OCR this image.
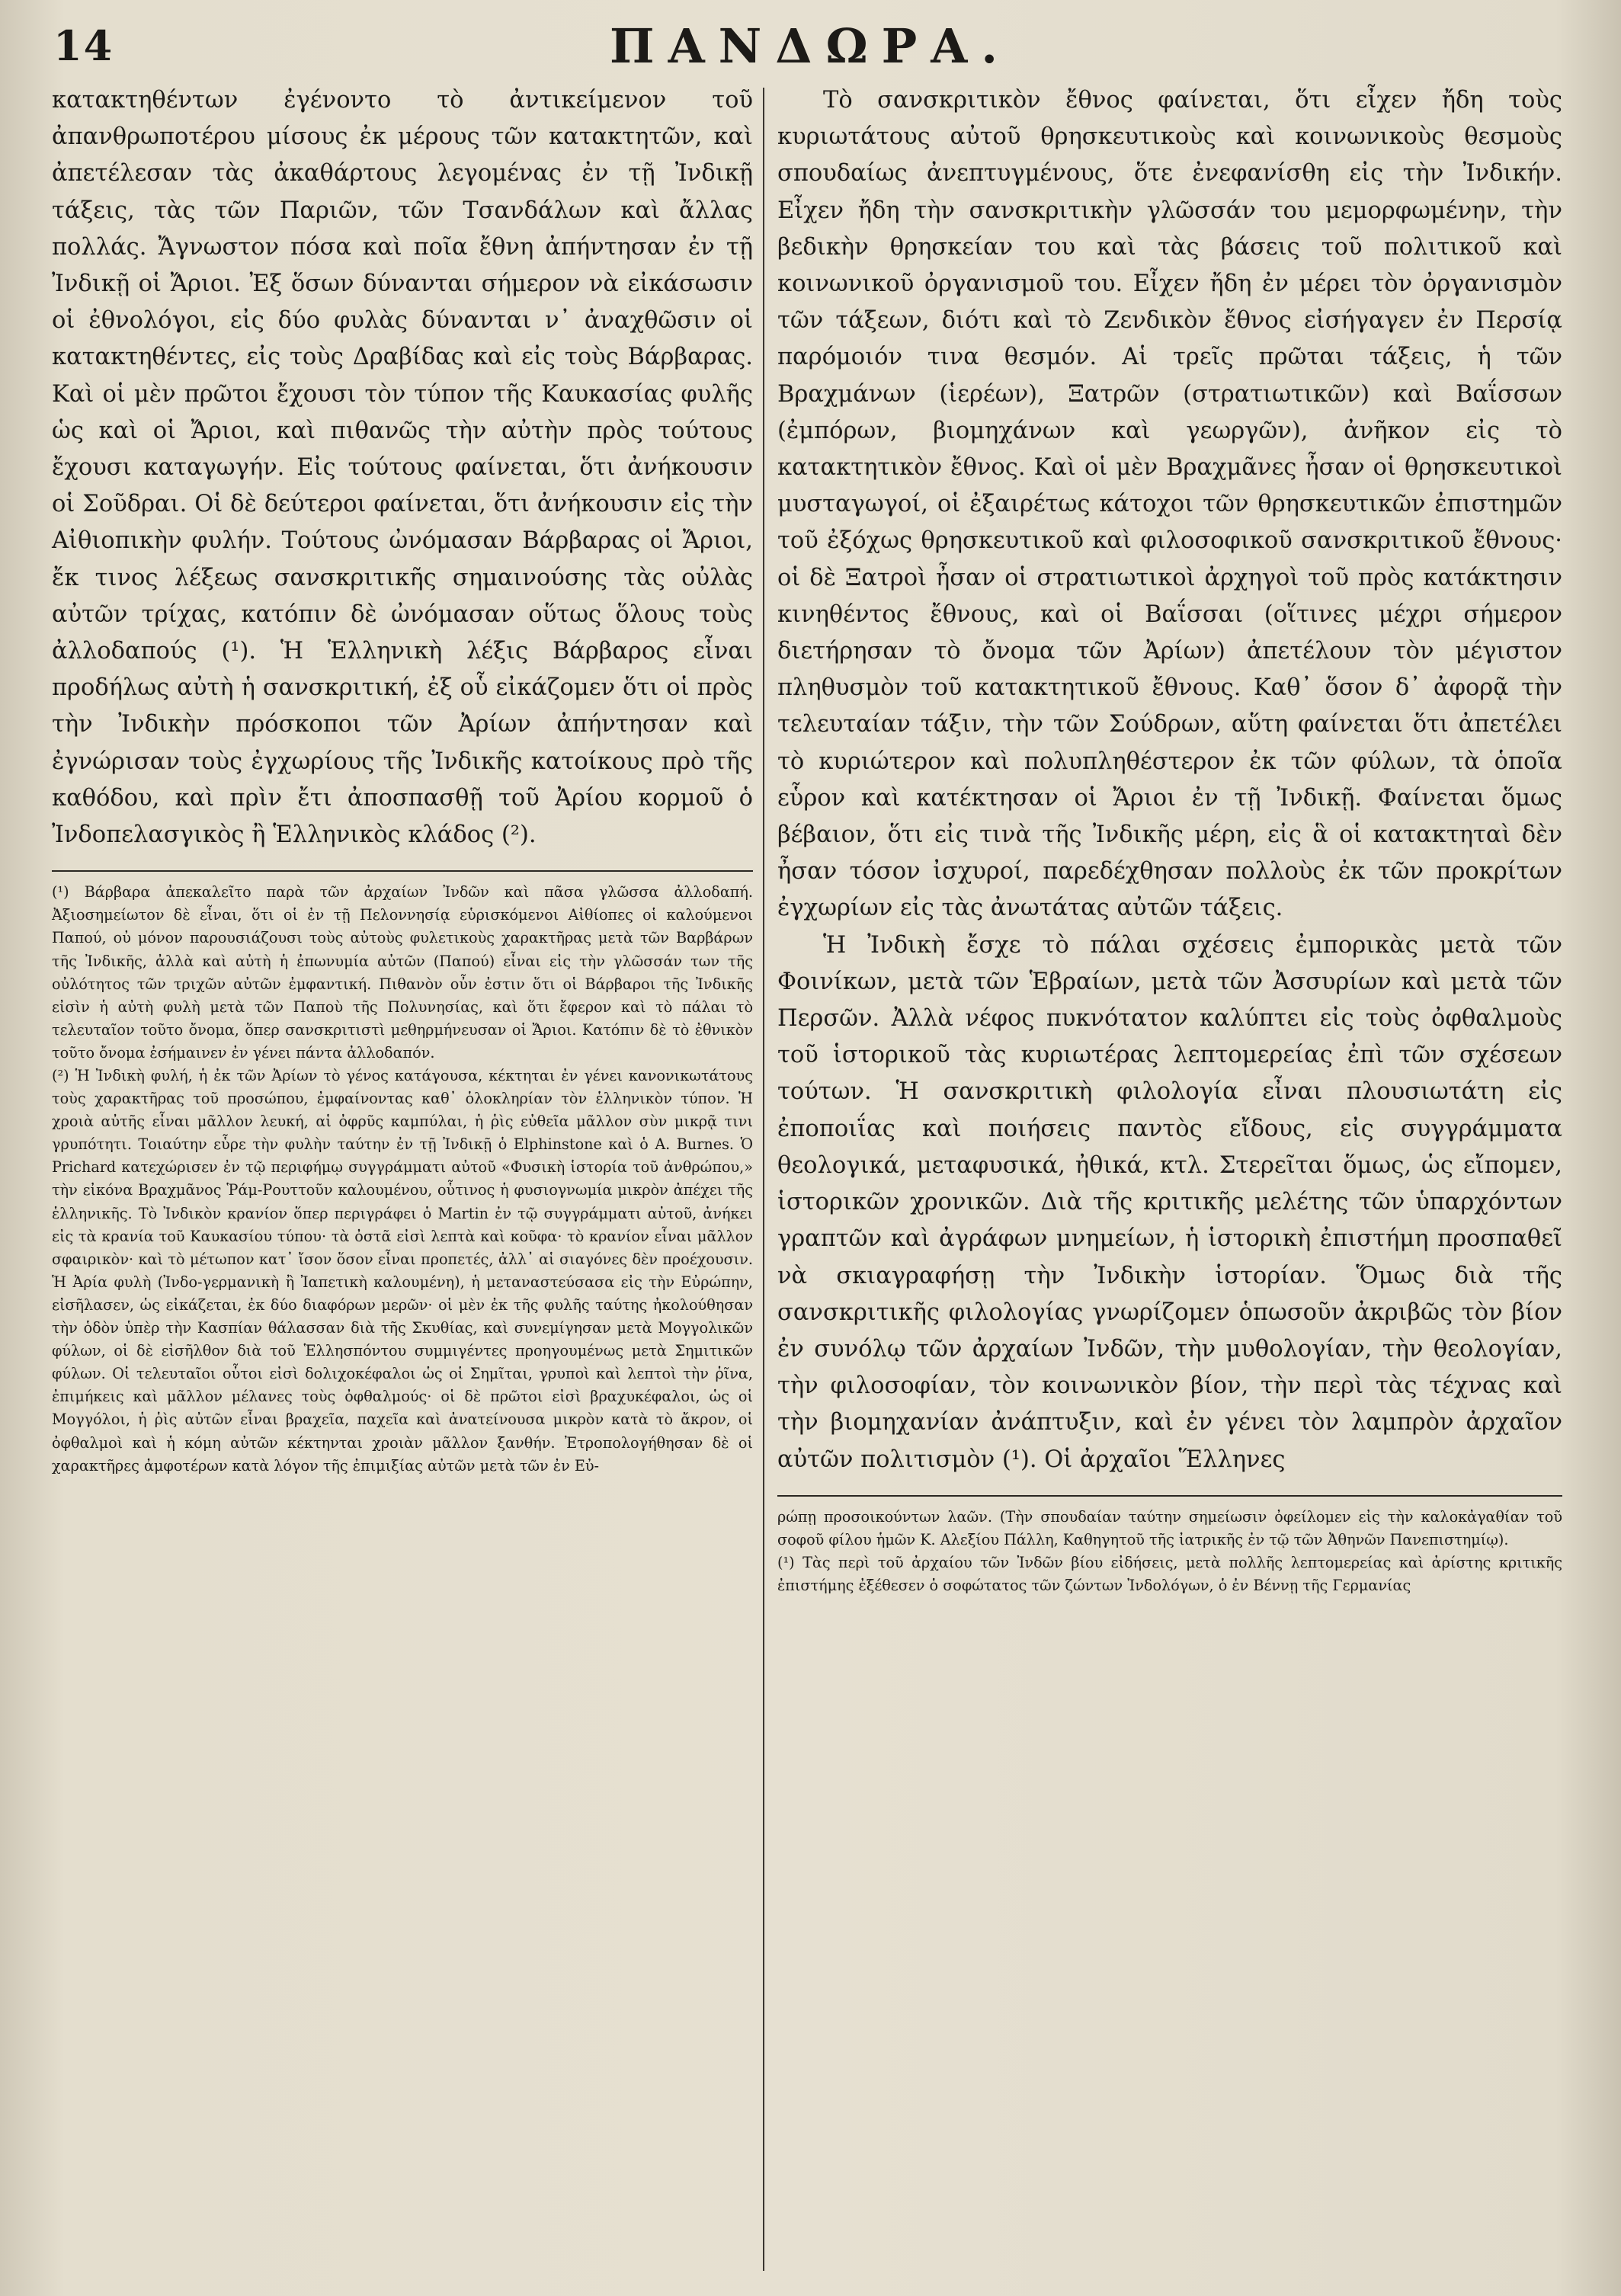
14	ΠΑΝΔΩΡΑ.

κατακτηθέντων ἐγένοντο τὸ ἀντικείμενον τοῦ ἀπανθρωποτέρου μίσους ἐκ μέρους τῶν κατακτητῶν, καὶ ἀπετέλεσαν τὰς ἀκαθάρτους λεγομένας ἐν τῇ Ἰνδικῇ τάξεις, τὰς τῶν Παριῶν, τῶν Τσανδάλων καὶ ἄλλας πολλάς. Ἄγνωστον πόσα καὶ ποῖα ἔθνη ἀπήντησαν ἐν τῇ Ἰνδικῇ οἱ Ἄριοι. Ἐξ ὅσων δύνανται σήμερον νὰ εἰκάσωσιν οἱ ἐθνολόγοι, εἰς δύο φυλὰς δύνανται ν᾽ ἀναχθῶσιν οἱ κατακτηθέντες, εἰς τοὺς Δραβίδας καὶ εἰς τοὺς Βάρβαρας. Καὶ οἱ μὲν πρῶτοι ἔχουσι τὸν τύπον τῆς Καυκασίας φυλῆς ὡς καὶ οἱ Ἄριοι, καὶ πιθανῶς τὴν αὐτὴν πρὸς τούτους ἔχουσι καταγωγήν. Εἰς τούτους φαίνεται, ὅτι ἀνήκουσιν οἱ Σοῦδραι. Οἱ δὲ δεύτεροι φαίνεται, ὅτι ἀνήκουσιν εἰς τὴν Αἰθιοπικὴν φυλήν. Τούτους ὠνόμασαν Βάρβαρας οἱ Ἄριοι, ἔκ τινος λέξεως σανσκριτικῆς σημαινούσης τὰς οὐλὰς αὐτῶν τρίχας, κατόπιν δὲ ὠνόμασαν οὕτως ὅλους τοὺς ἀλλοδαπούς (¹). Ἡ Ἑλληνικὴ λέξις Βάρβαρος εἶναι προδήλως αὐτὴ ἡ σανσκριτική, ἐξ οὗ εἰκάζομεν ὅτι οἱ πρὸς τὴν Ἰνδικὴν πρόσκοποι τῶν Ἀρίων ἀπήντησαν καὶ ἐγνώρισαν τοὺς ἐγχωρίους τῆς Ἰνδικῆς κατοίκους πρὸ τῆς καθόδου, καὶ πρὶν ἔτι ἀποσπασθῇ τοῦ Ἀρίου κορμοῦ ὁ Ἰνδοπελασγικὸς ἢ Ἑλληνικὸς κλάδος (²).

(¹) Βάρβαρα ἀπεκαλεῖτο παρὰ τῶν ἀρχαίων Ἰνδῶν καὶ πᾶσα γλῶσσα ἀλλοδαπή. Ἀξιοσημείωτον δὲ εἶναι, ὅτι οἱ ἐν τῇ Πελοννησίᾳ εὑρισκόμενοι Αἰθίοπες οἱ καλούμενοι Παπού, οὐ μόνον παρουσιάζουσι τοὺς αὐτοὺς φυλετικοὺς χαρακτῆρας μετὰ τῶν Βαρβάρων τῆς Ἰνδικῆς, ἀλλὰ καὶ αὐτὴ ἡ ἐπωνυμία αὐτῶν (Παπού) εἶναι εἰς τὴν γλῶσσάν των τῆς οὐλότητος τῶν τριχῶν αὐτῶν ἐμφαντική. Πιθανὸν οὖν ἐστιν ὅτι οἱ Βάρβαροι τῆς Ἰνδικῆς εἰσὶν ἡ αὐτὴ φυλὴ μετὰ τῶν Παποὺ τῆς Πολυνησίας, καὶ ὅτι ἔφερον καὶ τὸ πάλαι τὸ τελευταῖον τοῦτο ὄνομα, ὅπερ σανσκριτιστὶ μεθηρμήνευσαν οἱ Ἄριοι. Κατόπιν δὲ τὸ ἐθνικὸν τοῦτο ὄνομα ἐσήμαινεν ἐν γένει πάντα ἀλλοδαπόν.

(²) Ἡ Ἰνδικὴ φυλή, ἡ ἐκ τῶν Ἀρίων τὸ γένος κατάγουσα, κέκτηται ἐν γένει κανονικωτάτους τοὺς χαρακτῆρας τοῦ προσώπου, ἐμφαίνοντας καθ᾽ ὁλοκληρίαν τὸν ἑλληνικὸν τύπον. Ἡ χροιὰ αὐτῆς εἶναι μᾶλλον λευκή, αἱ ὀφρῦς καμπύλαι, ἡ ῥὶς εὐθεῖα μᾶλλον σὺν μικρᾷ τινι γρυπότητι. Τοιαύτην εὗρε τὴν φυλὴν ταύτην ἐν τῇ Ἰνδικῇ ὁ Elphinstone καὶ ὁ A. Burnes. Ὁ Prichard κατεχώρισεν ἐν τῷ περιφήμῳ συγγράμματι αὐτοῦ «Φυσικὴ ἱστορία τοῦ ἀνθρώπου,» τὴν εἰκόνα Βραχμᾶνος Ῥάμ-Ρουττοῦν καλουμένου, οὗτινος ἡ φυσιογνωμία μικρὸν ἀπέχει τῆς ἑλληνικῆς. Τὸ Ἰνδικὸν κρανίον ὅπερ περιγράφει ὁ Martin ἐν τῷ συγγράμματι αὐτοῦ, ἀνήκει εἰς τὰ κρανία τοῦ Καυκασίου τύπου· τὰ ὀστᾶ εἰσὶ λεπτὰ καὶ κοῦφα· τὸ κρανίον εἶναι μᾶλλον σφαιρικὸν· καὶ τὸ μέτωπον κατ᾽ ἴσον ὅσον εἶναι προπετές, ἀλλ᾽ αἱ σιαγόνες δὲν προέχουσιν. Ἡ Ἀρία φυλὴ (Ἰνδο-γερμανικὴ ἢ Ἰαπετικὴ καλουμένη), ἡ μεταναστεύσασα εἰς τὴν Εὐρώπην, εἰσῆλασεν, ὡς εἰκάζεται, ἐκ δύο διαφόρων μερῶν· οἱ μὲν ἐκ τῆς φυλῆς ταύτης ἠκολούθησαν τὴν ὁδὸν ὑπὲρ τὴν Κασπίαν θάλασσαν διὰ τῆς Σκυθίας, καὶ συνεμίγησαν μετὰ Μογγολικῶν φύλων, οἱ δὲ εἰσῆλθον διὰ τοῦ Ἑλλησπόντου συμμιγέντες προηγουμένως μετὰ Σημιτικῶν φύλων. Οἱ τελευταῖοι οὗτοι εἰσὶ δολιχοκέφαλοι ὡς οἱ Σημῖται, γρυποὶ καὶ λεπτοὶ τὴν ῥῖνα, ἐπιμήκεις καὶ μᾶλλον μέλανες τοὺς ὀφθαλμούς· οἱ δὲ πρῶτοι εἰσὶ βραχυκέφαλοι, ὡς οἱ Μογγόλοι, ἡ ῥὶς αὐτῶν εἶναι βραχεῖα, παχεῖα καὶ ἀνατείνουσα μικρὸν κατὰ τὸ ἄκρον, οἱ ὀφθαλμοὶ καὶ ἡ κόμη αὐτῶν κέκτηνται χροιὰν μᾶλλον ξανθήν. Ἐτροπολογήθησαν δὲ οἱ χαρακτῆρες ἀμφοτέρων κατὰ λόγον τῆς ἐπιμιξίας αὐτῶν μετὰ τῶν ἐν Εὐ-

Τὸ σανσκριτικὸν ἔθνος φαίνεται, ὅτι εἶχεν ἤδη τοὺς κυριωτάτους αὐτοῦ θρησκευτικοὺς καὶ κοινωνικοὺς θεσμοὺς σπουδαίως ἀνεπτυγμένους, ὅτε ἐνεφανίσθη εἰς τὴν Ἰνδικήν. Εἶχεν ἤδη τὴν σανσκριτικὴν γλῶσσάν του μεμορφωμένην, τὴν βεδικὴν θρησκείαν του καὶ τὰς βάσεις τοῦ πολιτικοῦ καὶ κοινωνικοῦ ὀργανισμοῦ του. Εἶχεν ἤδη ἐν μέρει τὸν ὀργανισμὸν τῶν τάξεων, διότι καὶ τὸ Ζενδικὸν ἔθνος εἰσήγαγεν ἐν Περσίᾳ παρόμοιόν τινα θεσμόν. Αἱ τρεῖς πρῶται τάξεις, ἡ τῶν Βραχμάνων (ἱερέων), Ξατρῶν (στρατιωτικῶν) καὶ Βαΐσσων (ἐμπόρων, βιομηχάνων καὶ γεωργῶν), ἀνῆκον εἰς τὸ κατακτητικὸν ἔθνος. Καὶ οἱ μὲν Βραχμᾶνες ἦσαν οἱ θρησκευτικοὶ μυσταγωγοί, οἱ ἐξαιρέτως κάτοχοι τῶν θρησκευτικῶν ἐπιστημῶν τοῦ ἐξόχως θρησκευτικοῦ καὶ φιλοσοφικοῦ σανσκριτικοῦ ἔθνους· οἱ δὲ Ξατροὶ ἦσαν οἱ στρατιωτικοὶ ἀρχηγοὶ τοῦ πρὸς κατάκτησιν κινηθέντος ἔθνους, καὶ οἱ Βαΐσσαι (οἵτινες μέχρι σήμερον διετήρησαν τὸ ὄνομα τῶν Ἀρίων) ἀπετέλουν τὸν μέγιστον πληθυσμὸν τοῦ κατακτητικοῦ ἔθνους. Καθ᾽ ὅσον δ᾽ ἀφορᾷ τὴν τελευταίαν τάξιν, τὴν τῶν Σούδρων, αὕτη φαίνεται ὅτι ἀπετέλει τὸ κυριώτερον καὶ πολυπληθέστερον ἐκ τῶν φύλων, τὰ ὁποῖα εὗρον καὶ κατέκτησαν οἱ Ἄριοι ἐν τῇ Ἰνδικῇ. Φαίνεται ὅμως βέβαιον, ὅτι εἰς τινὰ τῆς Ἰνδικῆς μέρη, εἰς ἃ οἱ κατακτηταὶ δὲν ἦσαν τόσον ἰσχυροί, παρεδέχθησαν πολλοὺς ἐκ τῶν προκρίτων ἐγχωρίων εἰς τὰς ἀνωτάτας αὐτῶν τάξεις.

Ἡ Ἰνδικὴ ἔσχε τὸ πάλαι σχέσεις ἐμπορικὰς μετὰ τῶν Φοινίκων, μετὰ τῶν Ἑβραίων, μετὰ τῶν Ἀσσυρίων καὶ μετὰ τῶν Περσῶν. Ἀλλὰ νέφος πυκνότατον καλύπτει εἰς τοὺς ὀφθαλμοὺς τοῦ ἱστορικοῦ τὰς κυριωτέρας λεπτομερείας ἐπὶ τῶν σχέσεων τούτων. Ἡ σανσκριτικὴ φιλολογία εἶναι πλουσιωτάτη εἰς ἐποποιΐας καὶ ποιήσεις παντὸς εἴδους, εἰς συγγράμματα θεολογικά, μεταφυσικά, ἠθικά, κτλ. Στερεῖται ὅμως, ὡς εἴπομεν, ἱστορικῶν χρονικῶν. Διὰ τῆς κριτικῆς μελέτης τῶν ὑπαρχόντων γραπτῶν καὶ ἀγράφων μνημείων, ἡ ἱστορικὴ ἐπιστήμη προσπαθεῖ νὰ σκιαγραφήσῃ τὴν Ἰνδικὴν ἱστορίαν. Ὅμως διὰ τῆς σανσκριτικῆς φιλολογίας γνωρίζομεν ὁπωσοῦν ἀκριβῶς τὸν βίον ἐν συνόλῳ τῶν ἀρχαίων Ἰνδῶν, τὴν μυθολογίαν, τὴν θεολογίαν, τὴν φιλοσοφίαν, τὸν κοινωνικὸν βίον, τὴν περὶ τὰς τέχνας καὶ τὴν βιομηχανίαν ἀνάπτυξιν, καὶ ἐν γένει τὸν λαμπρὸν ἀρχαῖον αὐτῶν πολιτισμὸν (¹). Οἱ ἀρχαῖοι Ἕλληνες

ρώπῃ προσοικούντων λαῶν. (Τὴν σπουδαίαν ταύτην σημείωσιν ὀφείλομεν εἰς τὴν καλοκἀγαθίαν τοῦ σοφοῦ φίλου ἡμῶν Κ. Αλεξίου Πάλλη, Καθηγητοῦ τῆς ἰατρικῆς ἐν τῷ τῶν Ἀθηνῶν Πανεπιστημίῳ).

(¹) Τὰς περὶ τοῦ ἀρχαίου τῶν Ἰνδῶν βίου εἰδήσεις, μετὰ πολλῆς λεπτομερείας καὶ ἀρίστης κριτικῆς ἐπιστήμης ἐξέθεσεν ὁ σοφώτατος τῶν ζώντων Ἰνδολόγων, ὁ ἐν Βέννῃ τῆς Γερμανίας
